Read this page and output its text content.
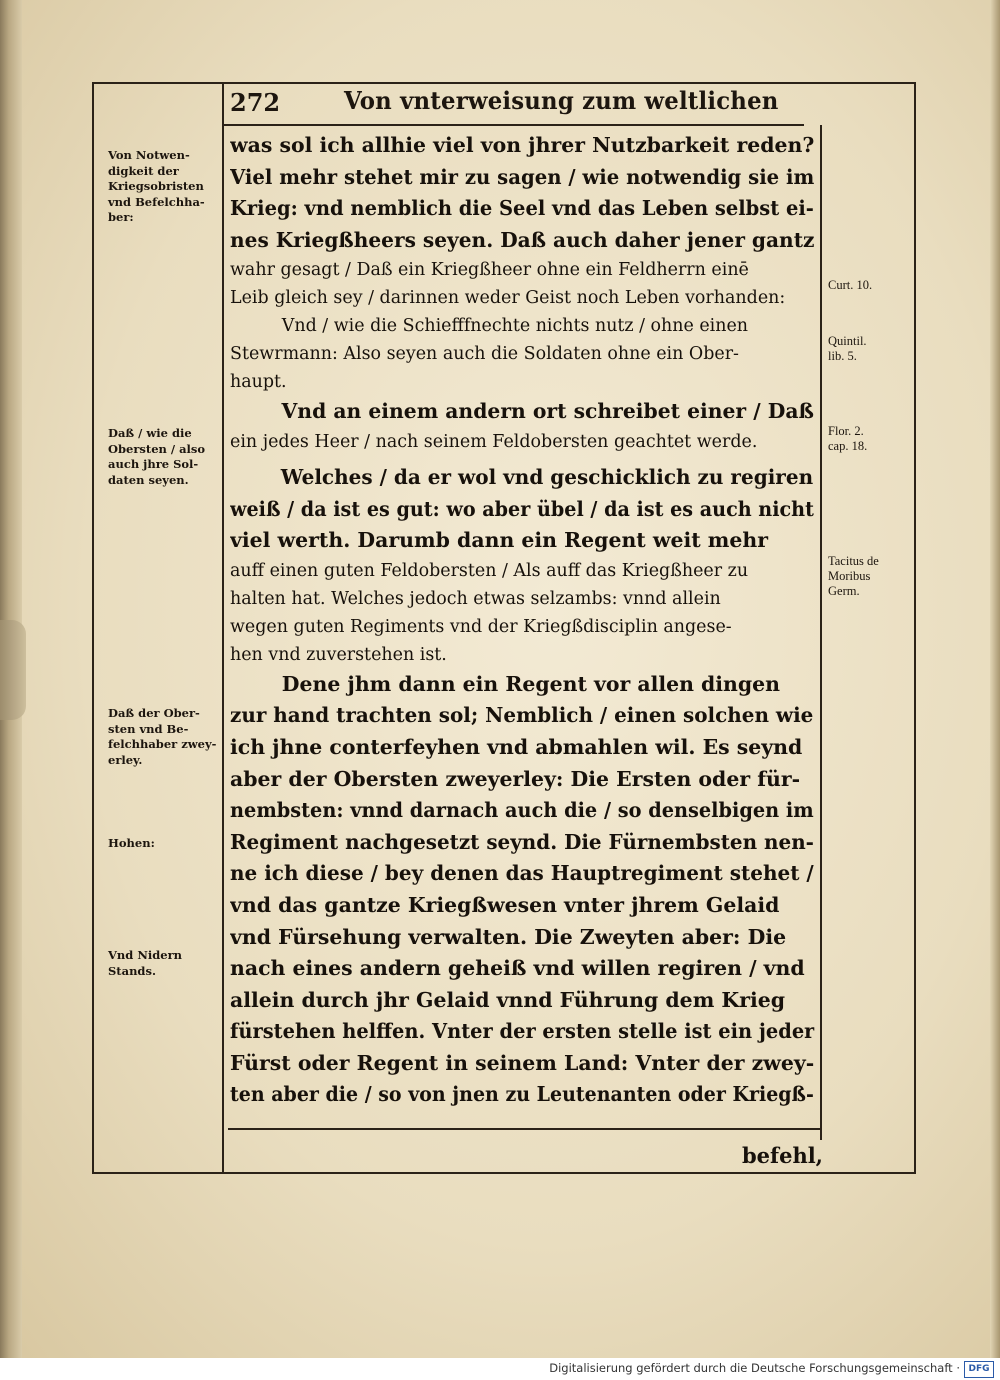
272	Von vnterweisung zum weltlichen
was sol ich allhie viel von jhrer Nutzbarkeit reden?
Viel mehr stehet mir zu sagen / wie notwendig sie im
Krieg: vnd nemblich die Seel vnd das Leben selbst ei-
nes Kriegßheers seyen. Daß auch daher jener gantz
wahr gesagt / Daß ein Kriegßheer ohne ein Feldherrn einē
Leib gleich sey / darinnen weder Geist noch Leben vorhanden:
Vnd / wie die Schiefffnechte nichts nutz / ohne einen
Stewrmann: Also seyen auch die Soldaten ohne ein Ober-
haupt.
Vnd an einem andern ort schreibet einer / Daß
ein jedes Heer / nach seinem Feldobersten geachtet werde.
Welches / da er wol vnd geschicklich zu regiren
weiß / da ist es gut: wo aber übel / da ist es auch nicht
viel werth. Darumb dann ein Regent weit mehr
auff einen guten Feldobersten / Als auff das Kriegßheer zu
halten hat. Welches jedoch etwas selzambs: vnnd allein
wegen guten Regiments vnd der Kriegßdisciplin angese-
hen vnd zuverstehen ist.
Dene jhm dann ein Regent vor allen dingen
zur hand trachten sol; Nemblich / einen solchen wie
ich jhne conterfeyhen vnd abmahlen wil. Es seynd
aber der Obersten zweyerley: Die Ersten oder für-
nembsten: vnnd darnach auch die / so denselbigen im
Regiment nachgesetzt seynd. Die Fürnembsten nen-
ne ich diese / bey denen das Hauptregiment stehet /
vnd das gantze Kriegßwesen vnter jhrem Gelaid
vnd Fürsehung verwalten. Die Zweyten aber: Die
nach eines andern geheiß vnd willen regiren / vnd
allein durch jhr Gelaid vnnd Führung dem Krieg
fürstehen helffen. Vnter der ersten stelle ist ein jeder
Fürst oder Regent in seinem Land: Vnter der zwey-
ten aber die / so von jnen zu Leutenanten oder Kriegß-
Von Notwen-
digkeit der
Kriegsobristen
vnd Befelchha-
ber:
Daß / wie die
Obersten / also
auch jhre Sol-
daten seyen.
Daß der Ober-
sten vnd Be-
felchhaber zwey-
erley.
Hohen:
Vnd Nidern
Stands.
Curt. 10.
Quintil.
lib. 5.
Flor. 2.
cap. 18.
Tacitus de
Moribus
Germ.
befehl,
Digitalisierung gefördert durch die Deutsche Forschungsgemeinschaft · DFG
